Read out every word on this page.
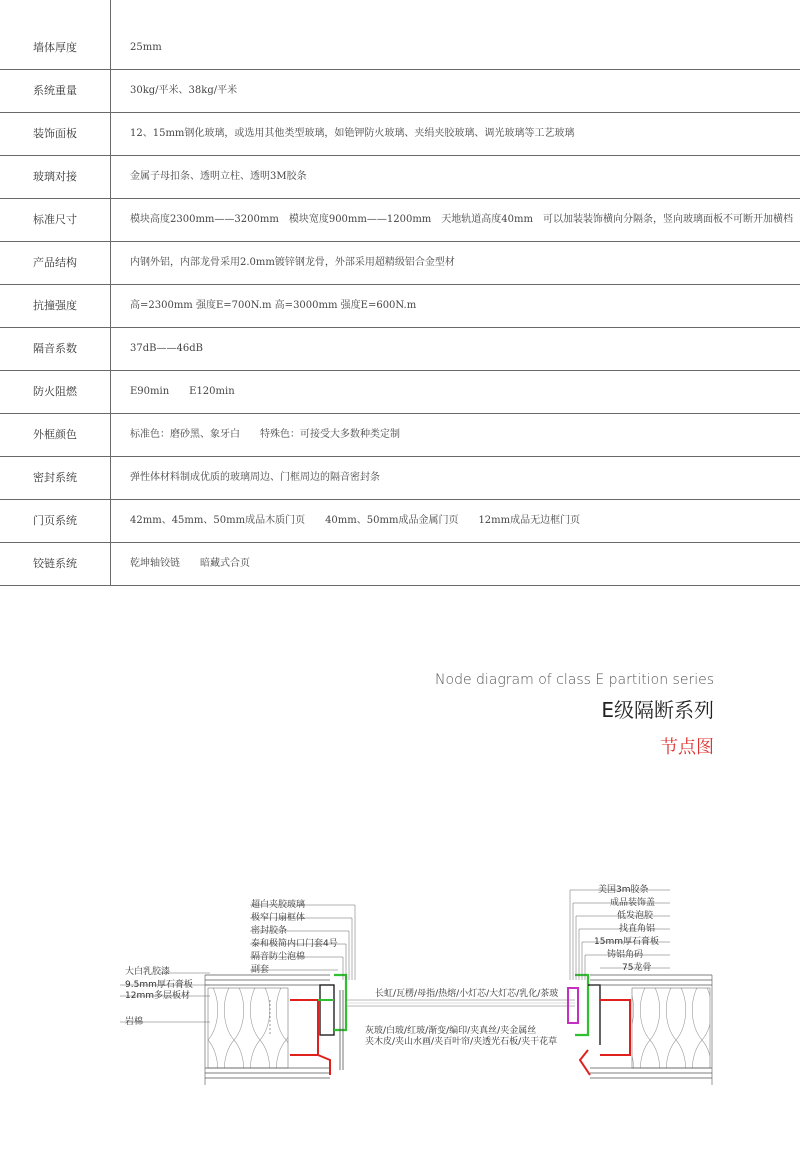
墙体厚度	25mm
系统重量	30kg/平米、38kg/平米
装饰面板	12、15mm钢化玻璃，或选用其他类型玻璃，如铯钾防火玻璃、夹绢夹胶玻璃、调光玻璃等工艺玻璃
玻璃对接	金属子母扣条、透明立柱、透明3M胶条
标准尺寸	模块高度2300mm——3200mm　模块宽度900mm——1200mm　天地轨道高度40mm　可以加装装饰横向分隔条，竖向玻璃面板不可断开加横档
产品结构	内钢外铝，内部龙骨采用2.0mm镀锌钢龙骨，外部采用超精级铝合金型材
抗撞强度	高=2300mm 强度E=700N.m 高=3000mm 强度E=600N.m
隔音系数	37dB——46dB
防火阻燃	E90min　　E120min
外框颜色	标准色：磨砂黑、象牙白　　特殊色：可接受大多数种类定制
密封系统	弹性体材料制成优质的玻璃周边、门框周边的隔音密封条
门页系统	42mm、45mm、50mm成品木质门页　　40mm、50mm成品金属门页　　12mm成品无边框门页
铰链系统	乾坤轴铰链　　暗藏式合页
Node diagram of class E partition series
E级隔断系列
节点图
超白夹胶玻璃
极窄门扇框体
密封胶条
泰和极简内口门套4号
隔音防尘泡棉
副套
大白乳胶漆
9.5mm厚石膏板
12mm多层板材
岩棉
美国3m胶条
成品装饰盖
低发泡胶
找直角铝
15mm厚石膏板
铸铝角码
75龙骨
长虹/瓦楞/母指/热熔/小灯芯/大灯芯/乳化/茶玻
灰玻/白玻/红玻/渐变/编印/夹真丝/夹金属丝
夹木皮/夹山水画/夹百叶帘/夹透光石板/夹干花草
